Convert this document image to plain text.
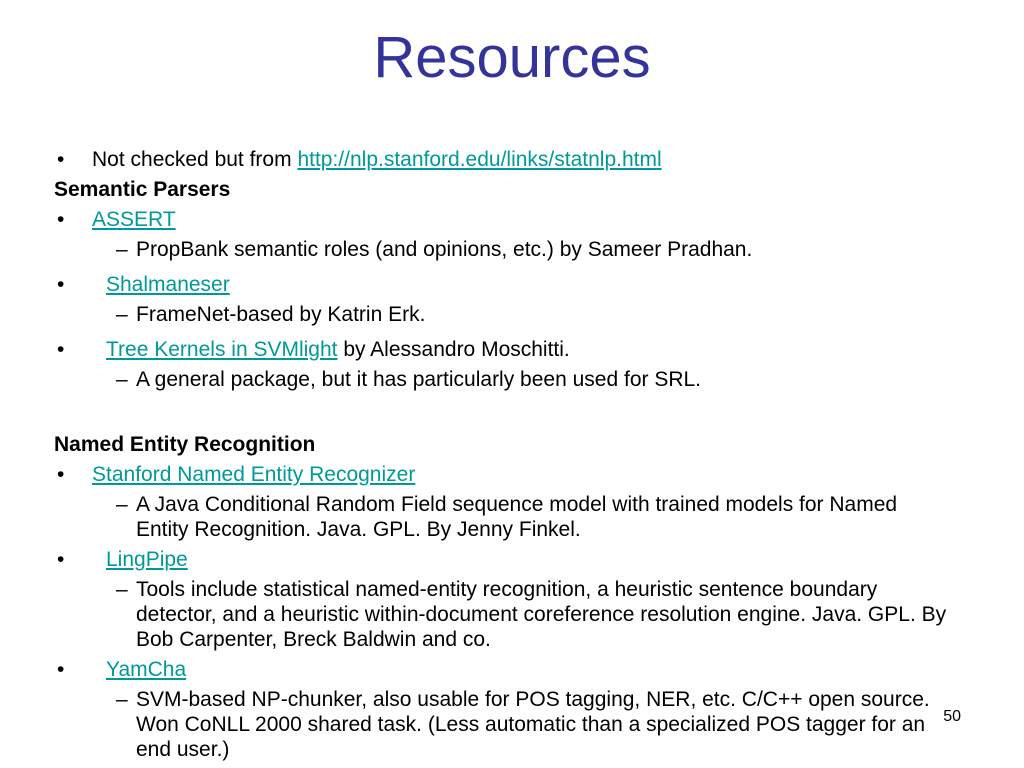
Resources
• Not checked but from http://nlp.stanford.edu/links/statnlp.html
Semantic Parsers
• ASSERT
– PropBank semantic roles (and opinions, etc.) by Sameer Pradhan.
• Shalmaneser
– FrameNet-based by Katrin Erk.
• Tree Kernels in SVMlight by Alessandro Moschitti.
– A general package, but it has particularly been used for SRL.
Named Entity Recognition
• Stanford Named Entity Recognizer
– A Java Conditional Random Field sequence model with trained models for Named Entity Recognition. Java. GPL. By Jenny Finkel.
• LingPipe
– Tools include statistical named-entity recognition, a heuristic sentence boundary detector, and a heuristic within-document coreference resolution engine. Java. GPL. By Bob Carpenter, Breck Baldwin and co.
• YamCha
– SVM-based NP-chunker, also usable for POS tagging, NER, etc. C/C++ open source. Won CoNLL 2000 shared task. (Less automatic than a specialized POS tagger for an end user.)
50
